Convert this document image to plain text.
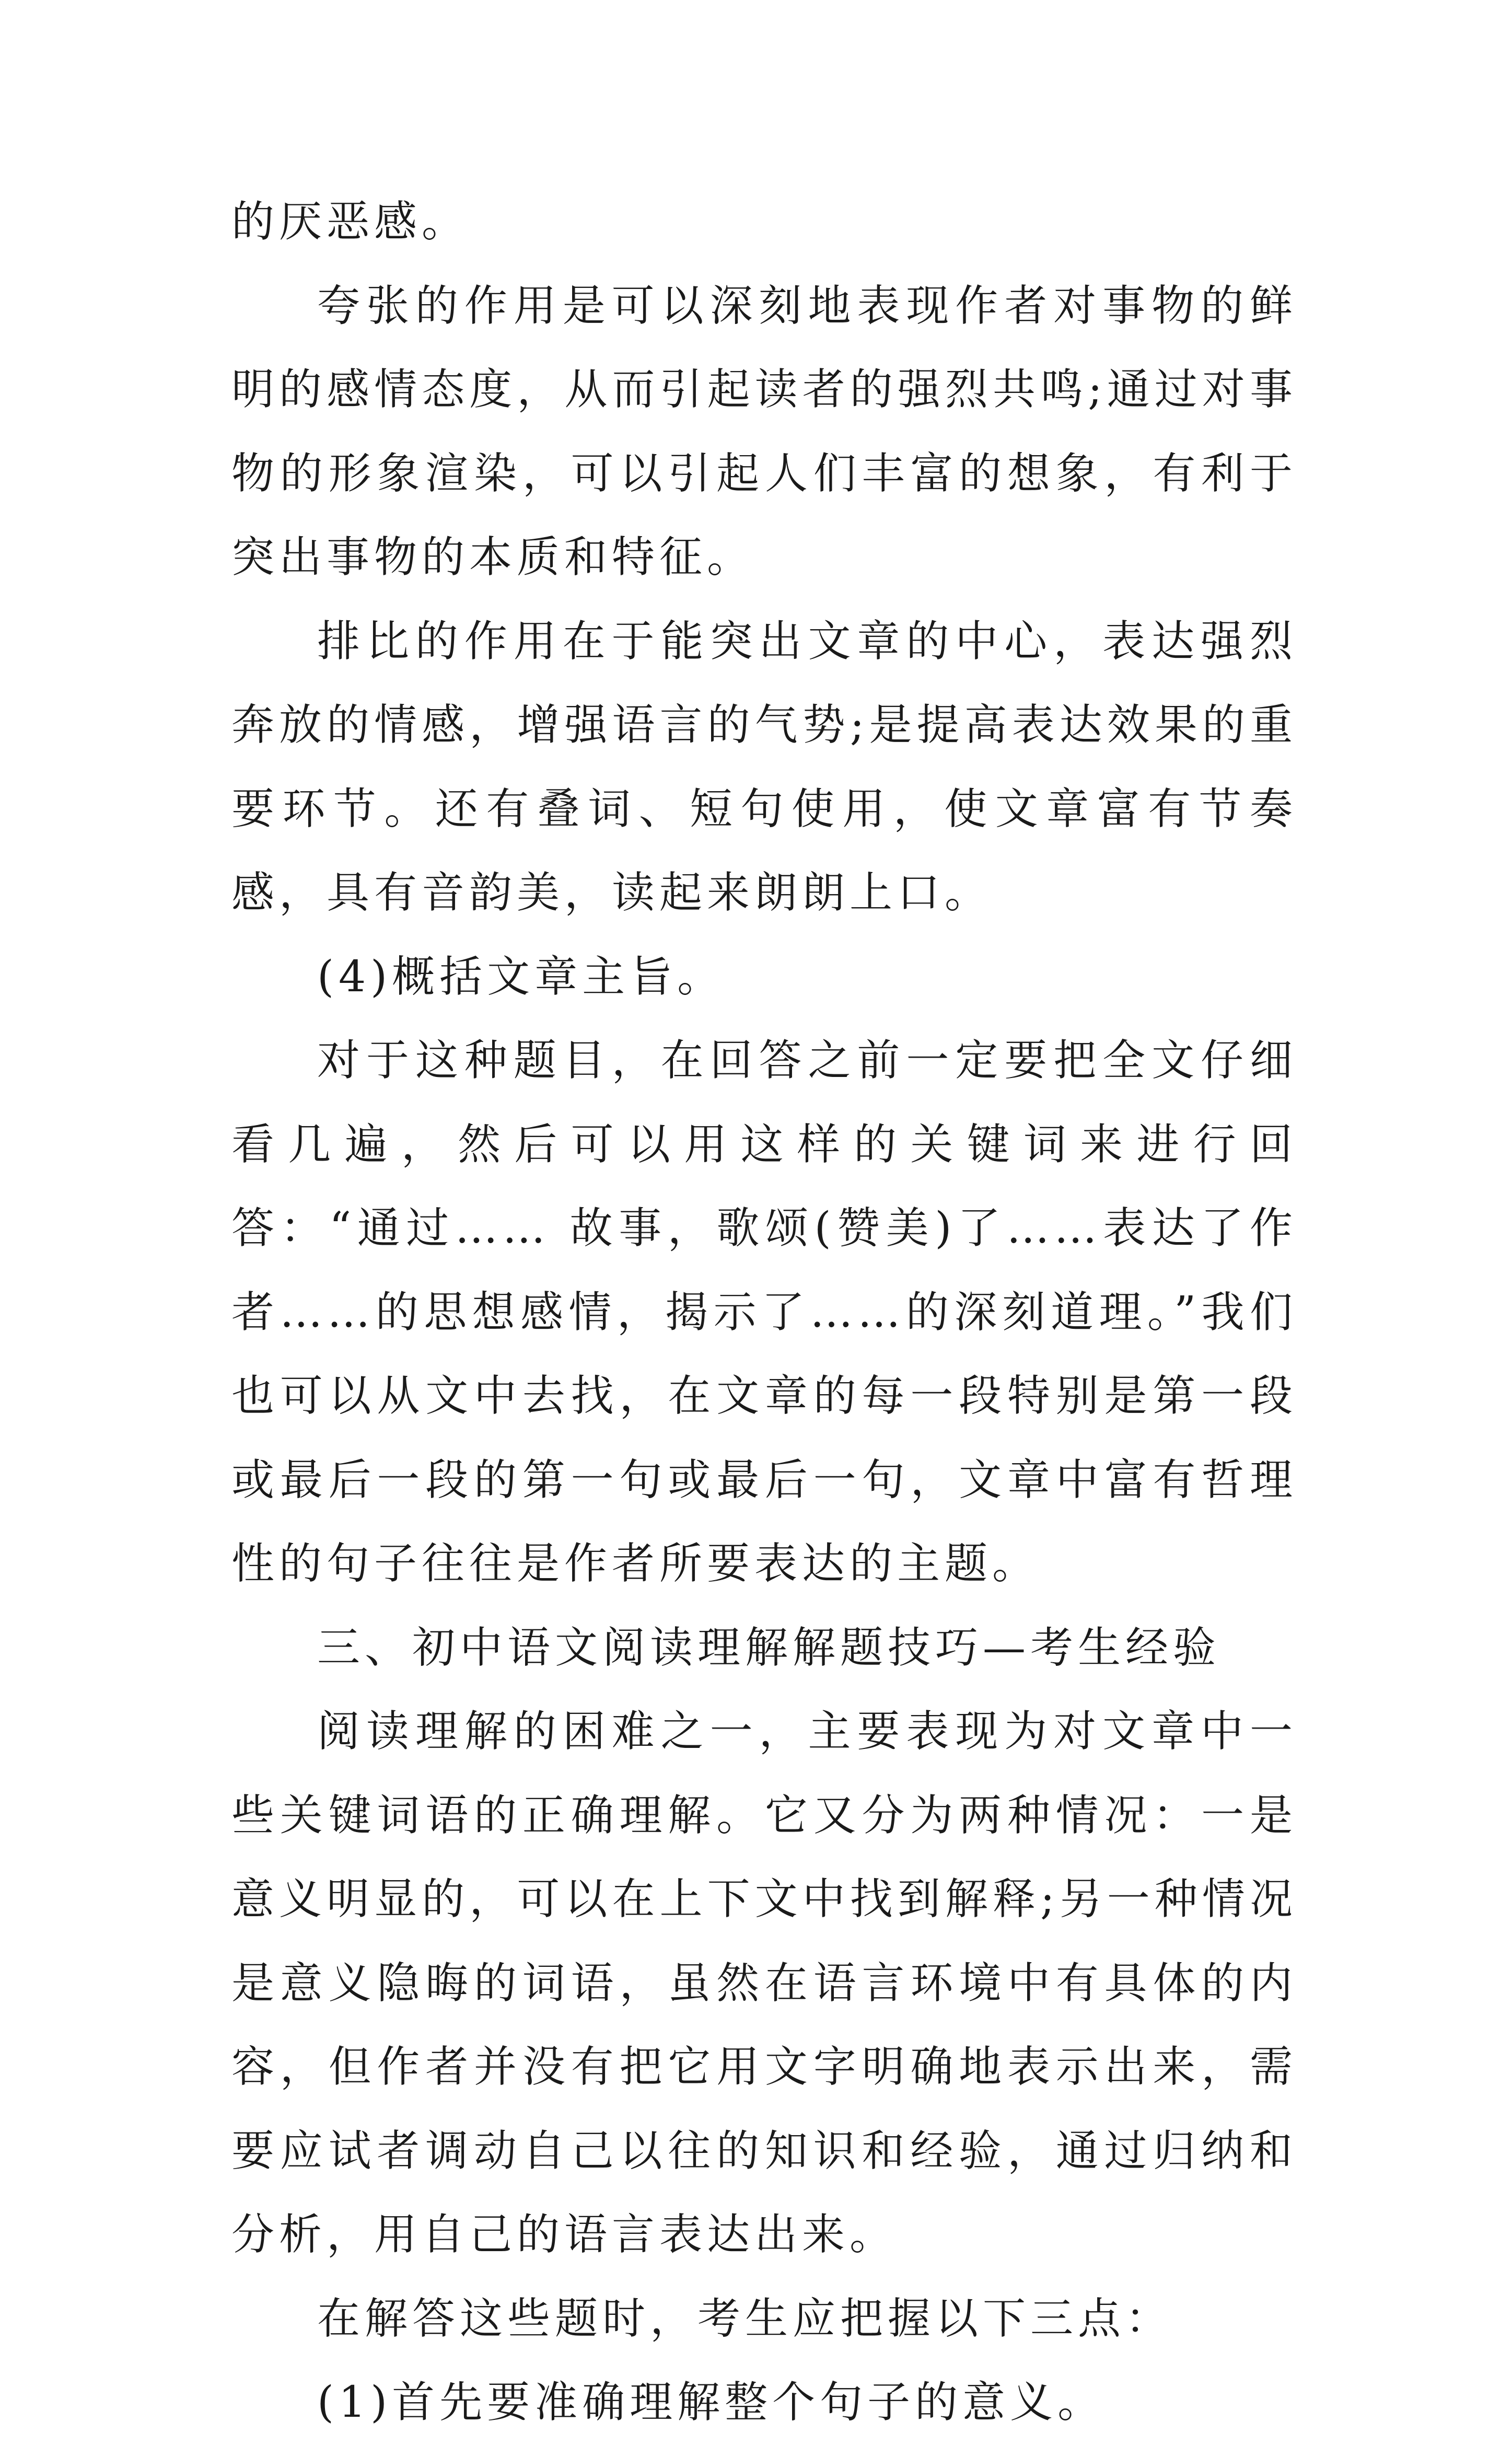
的厌恶感。

夸张的作用是可以深刻地表现作者对事物的鲜明的感情态度，从而引起读者的强烈共鸣;通过对事物的形象渲染，可以引起人们丰富的想象，有利于突出事物的本质和特征。

排比的作用在于能突出文章的中心，表达强烈奔放的情感，增强语言的气势;是提高表达效果的重要环节。还有叠词、短句使用，使文章富有节奏感，具有音韵美，读起来朗朗上口。

(4)概括文章主旨。

对于这种题目，在回答之前一定要把全文仔细看几遍，然后可以用这样的关键词来进行回答：“通过…… 故事，歌颂(赞美)了……表达了作者……的思想感情，揭示了……的深刻道理。”我们也可以从文中去找，在文章的每一段特别是第一段或最后一段的第一句或最后一句，文章中富有哲理性的句子往往是作者所要表达的主题。

三、初中语文阅读理解解题技巧—考生经验

阅读理解的困难之一，主要表现为对文章中一些关键词语的正确理解。它又分为两种情况：一是意义明显的，可以在上下文中找到解释;另一种情况是意义隐晦的词语，虽然在语言环境中有具体的内容，但作者并没有把它用文字明确地表示出来，需要应试者调动自己以往的知识和经验，通过归纳和分析，用自己的语言表达出来。

在解答这些题时，考生应把握以下三点：

(1)首先要准确理解整个句子的意义。
